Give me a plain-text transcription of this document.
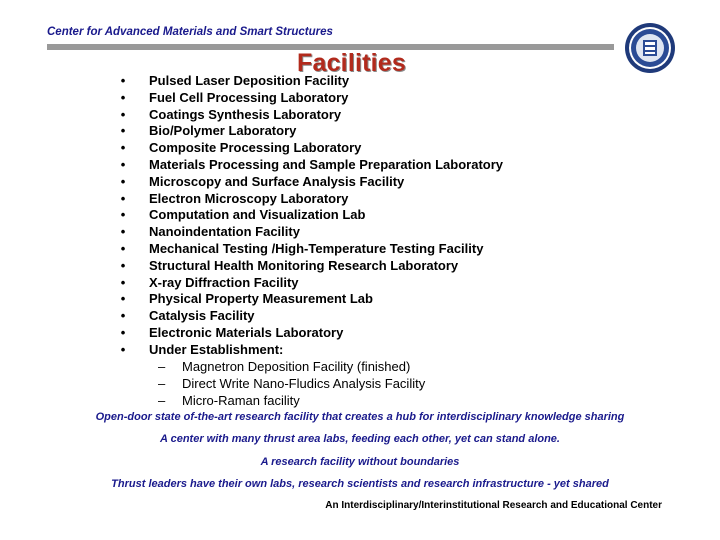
Center for Advanced Materials and Smart Structures
Facilities
• Pulsed Laser Deposition Facility
• Fuel Cell Processing Laboratory
• Coatings Synthesis Laboratory
• Bio/Polymer Laboratory
• Composite Processing Laboratory
• Materials Processing and Sample Preparation Laboratory
• Microscopy and Surface Analysis Facility
• Electron Microscopy Laboratory
• Computation and Visualization Lab
• Nanoindentation Facility
• Mechanical Testing /High-Temperature Testing Facility
• Structural Health Monitoring Research Laboratory
• X-ray Diffraction Facility
• Physical Property Measurement Lab
• Catalysis Facility
• Electronic Materials Laboratory
• Under Establishment:
– Magnetron Deposition Facility (finished)
– Direct Write Nano-Fludics Analysis Facility
– Micro-Raman facility
Open-door state of-the-art research facility that creates a hub for interdisciplinary knowledge sharing
A center with many thrust area labs, feeding each other, yet can stand alone.
A research facility without boundaries
Thrust leaders have their own labs, research scientists and research infrastructure - yet shared
An Interdisciplinary/Interinstitutional Research and Educational Center
